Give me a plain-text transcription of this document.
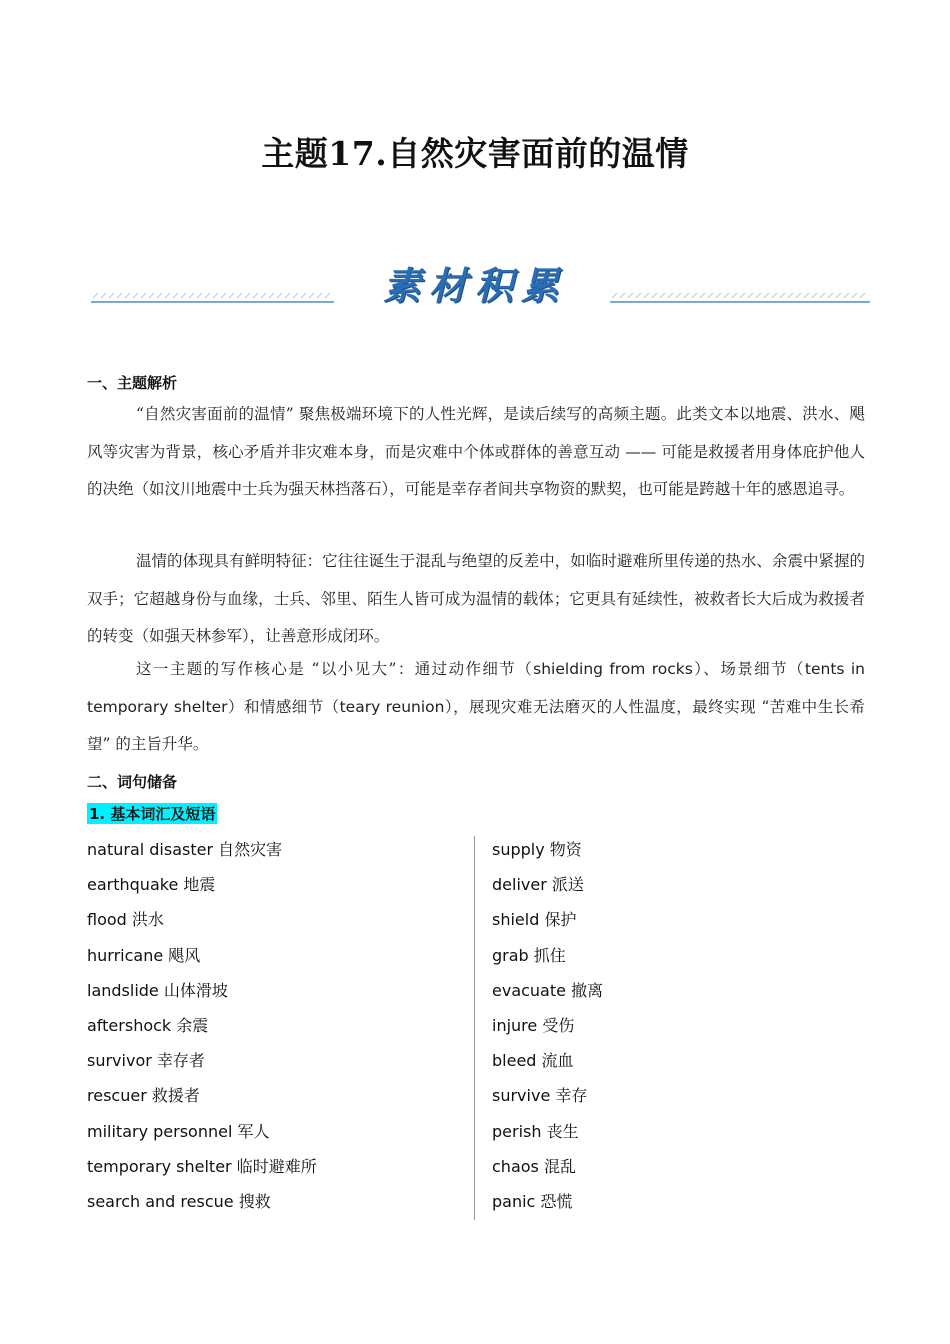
主题17.自然灾害面前的温情
素材积累
一、主题解析
“自然灾害面前的温情” 聚焦极端环境下的人性光辉，是读后续写的高频主题。此类文本以地震、洪水、飓风等灾害为背景，核心矛盾并非灾难本身，而是灾难中个体或群体的善意互动 —— 可能是救援者用身体庇护他人的决绝（如汶川地震中士兵为强天林挡落石），可能是幸存者间共享物资的默契，也可能是跨越十年的感恩追寻。
温情的体现具有鲜明特征：它往往诞生于混乱与绝望的反差中，如临时避难所里传递的热水、余震中紧握的双手；它超越身份与血缘，士兵、邻里、陌生人皆可成为温情的载体；它更具有延续性，被救者长大后成为救援者的转变（如强天林参军），让善意形成闭环。
这一主题的写作核心是 “以小见大”：通过动作细节（shielding from rocks）、场景细节（tents in temporary shelter）和情感细节（teary reunion），展现灾难无法磨灭的人性温度，最终实现 “苦难中生长希望” 的主旨升华。
二、词句储备
1. 基本词汇及短语
natural disaster 自然灾害
earthquake 地震
flood 洪水
hurricane 飓风
landslide 山体滑坡
aftershock 余震
survivor 幸存者
rescuer 救援者
military personnel 军人
temporary shelter 临时避难所
search and rescue 搜救
supply 物资
deliver 派送
shield 保护
grab 抓住
evacuate 撤离
injure 受伤
bleed 流血
survive 幸存
perish 丧生
chaos 混乱
panic 恐慌
